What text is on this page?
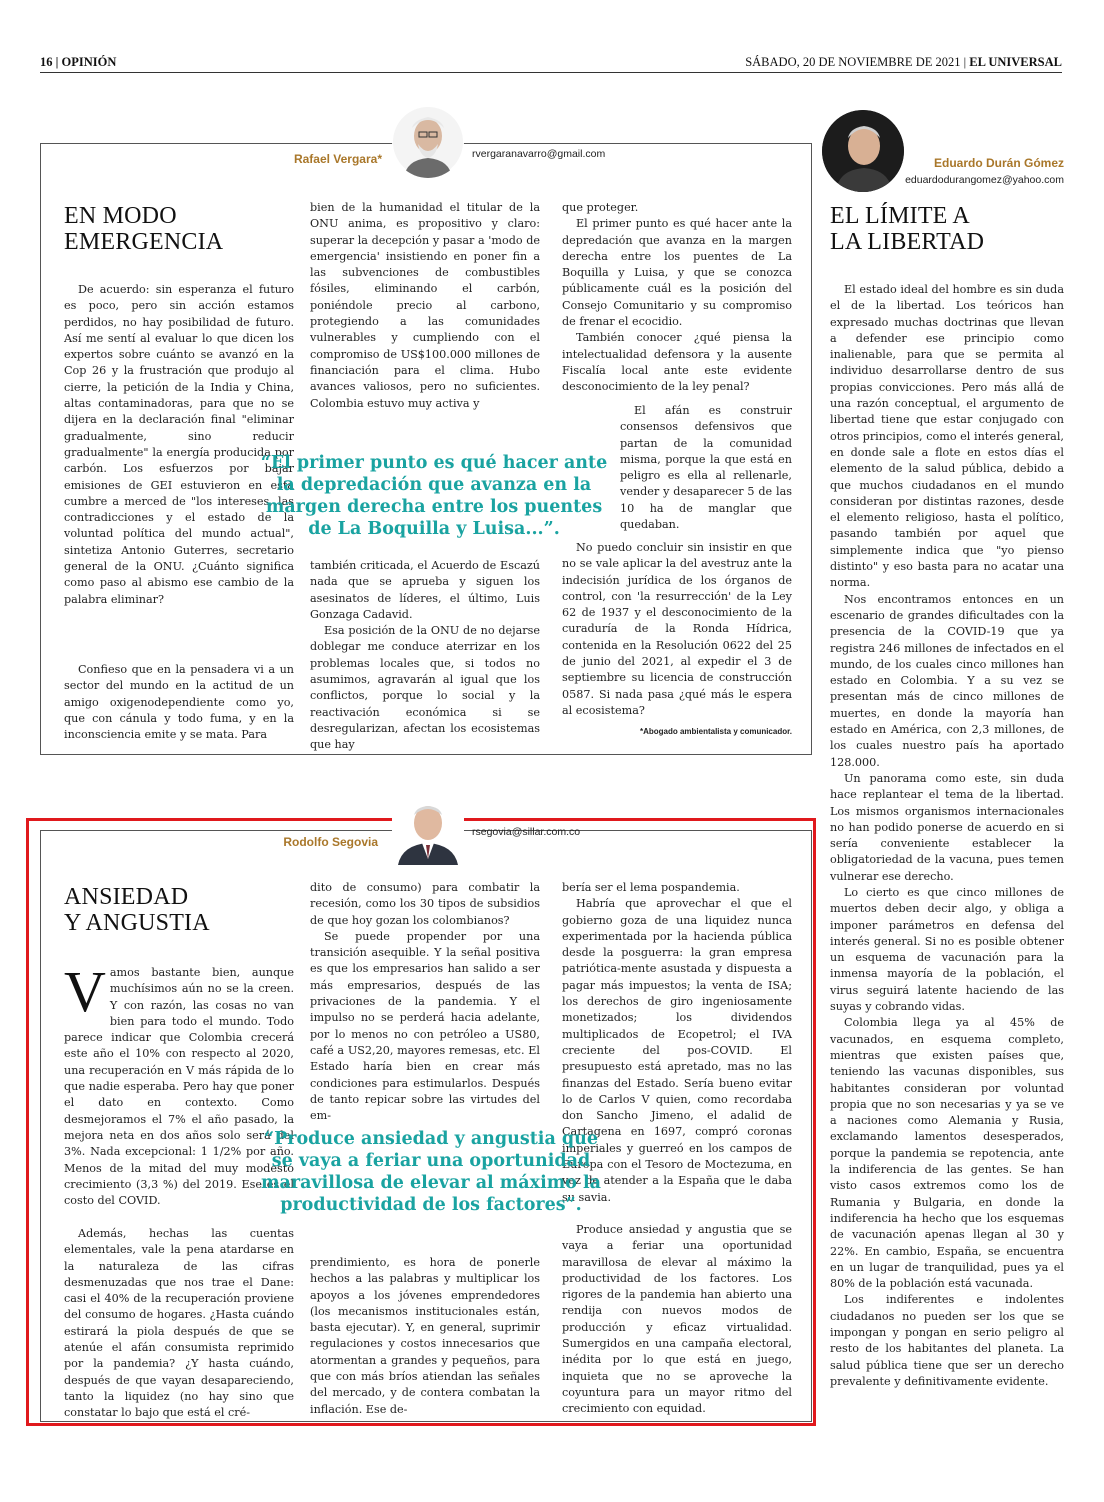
16 | OPINIÓN	SÁBADO, 20 DE NOVIEMBRE DE 2021 | EL UNIVERSAL
Rafael Vergara*	rvergaranavarro@gmail.com
EN MODO
EMERGENCIA

De acuerdo: sin esperanza el futuro es poco, pero sin acción estamos perdidos, no hay posibilidad de futuro. Así me sentí al evaluar lo que dicen los expertos sobre cuánto se avanzó en la Cop 26 y la frustración que produjo al cierre, la petición de la India y China, altas contaminadoras, para que no se dijera en la declaración final "eliminar gradualmente, sino reducir gradualmente" la energía producida por carbón. Los esfuerzos por bajar emisiones de GEI estuvieron en esta cumbre a merced de "los intereses, las contradicciones y el estado de la voluntad política del mundo actual", sintetiza Antonio Guterres, secretario general de la ONU. ¿Cuánto significa como paso al abismo ese cambio de la palabra eliminar?

Confieso que en la pensadera vi a un sector del mundo en la actitud de un amigo oxigenodependiente como yo, que con cánula y todo fuma, y en la inconsciencia emite y se mata. Para

bien de la humanidad el titular de la ONU anima, es propositivo y claro: superar la decepción y pasar a 'modo de emergencia' insistiendo en poner fin a las subvenciones de combustibles fósiles, eliminando el carbón, poniéndole precio al carbono, protegiendo a las comunidades vulnerables y cumpliendo con el compromiso de US$100.000 millones de financiación para el clima. Hubo avances valiosos, pero no suficientes. Colombia estuvo muy activa y

también criticada, el Acuerdo de Escazú nada que se aprueba y siguen los asesinatos de líderes, el último, Luis Gonzaga Cadavid.

Esa posición de la ONU de no dejarse doblegar me conduce aterrizar en los problemas locales que, si todos no asumimos, agravarán al igual que los conflictos, porque lo social y la reactivación económica si se desregularizan, afectan los ecosistemas que hay

que proteger.

El primer punto es qué hacer ante la depredación que avanza en la margen derecha entre los puentes de La Boquilla y Luisa, y que se conozca públicamente cuál es la posición del Consejo Comunitario y su compromiso de frenar el ecocidio.

También conocer ¿qué piensa la intelectualidad defensora y la ausente Fiscalía local ante este evidente desconocimiento de la ley penal?

El afán es construir consensos defensivos que partan de la comunidad misma, porque la que está en peligro es ella al rellenarle, vender y desaparecer 5 de las 10 ha de manglar que quedaban.

No puedo concluir sin insistir en que no se vale aplicar la del avestruz ante la indecisión jurídica de los órganos de control, con 'la resurrección' de la Ley 62 de 1937 y el desconocimiento de la curaduría de la Ronda Hídrica, contenida en la Resolución 0622 del 25 de junio del 2021, al expedir el 3 de septiembre su licencia de construcción 0587. Si nada pasa ¿qué más le espera al ecosistema?

*Abogado ambientalista y comunicador.
“El primer punto es qué hacer ante la depredación que avanza en la margen derecha entre los puentes de La Boquilla y Luisa...”.
Rodolfo Segovia
rsegovia@sillar.com.co
ANSIEDAD
Y ANGUSTIA

Vamos bastante bien, aunque muchísimos aún no se la creen. Y con razón, las cosas no van bien para todo el mundo. Todo parece indicar que Colombia crecerá este año el 10% con respecto al 2020, una recuperación en V más rápida de lo que nadie esperaba. Pero hay que poner el dato en contexto. Como desmejoramos el 7% el año pasado, la mejora neta en dos años solo será del 3%. Nada excepcional: 1 1/2% por año. Menos de la mitad del muy modesto crecimiento (3,3 %) del 2019. Ese es el costo del COVID.

Además, hechas las cuentas elementales, vale la pena atardarse en la naturaleza de las cifras desmenuzadas que nos trae el Dane: casi el 40% de la recuperación proviene del consumo de hogares. ¿Hasta cuándo estirará la piola después de que se atenúe el afán consumista reprimido por la pandemia? ¿Y hasta cuándo, después de que vayan desapareciendo, tanto la liquidez (no hay sino que constatar lo bajo que está el cré-

dito de consumo) para combatir la recesión, como los 30 tipos de subsidios de que hoy gozan los colombianos?

Se puede propender por una transición asequible. Y la señal positiva es que los empresarios han salido a ser más empresarios, después de las privaciones de la pandemia. Y el impulso no se perderá hacia adelante, por lo menos no con petróleo a US80, café a US2,20, mayores remesas, etc. El Estado haría bien en crear más condiciones para estimularlos. Después de tanto repicar sobre las virtudes del em-

prendimiento, es hora de ponerle hechos a las palabras y multiplicar los apoyos a los jóvenes emprendedores (los mecanismos institucionales están, basta ejecutar). Y, en general, suprimir regulaciones y costos innecesarios que atormentan a grandes y pequeños, para que con más bríos atiendan las señales del mercado, y de contera combatan la inflación. Ese de-

bería ser el lema pospandemia.

Habría que aprovechar el que el gobierno goza de una liquidez nunca experimentada por la hacienda pública desde la posguerra: la gran empresa patriótica-mente asustada y dispuesta a pagar más impuestos; la venta de ISA; los derechos de giro ingeniosamente monetizados; los dividendos multiplicados de Ecopetrol; el IVA creciente del pos-COVID. El presupuesto está apretado, mas no las finanzas del Estado. Sería bueno evitar lo de Carlos V quien, como recordaba don Sancho Jimeno, el adalid de Cartagena en 1697, compró coronas imperiales y guerreó en los campos de Europa con el Tesoro de Moctezuma, en vez de atender a la España que le daba su savia.

Produce ansiedad y angustia que se vaya a feriar una oportunidad maravillosa de elevar al máximo la productividad de los factores. Los rigores de la pandemia han abierto una rendija con nuevos modos de producción y eficaz virtualidad. Sumergidos en una campaña electoral, inédita por lo que está en juego, inquieta que no se aproveche la coyuntura para un mayor ritmo del crecimiento con equidad.

“Produce ansiedad y angustia que se vaya a feriar una oportunidad maravillosa de elevar al máximo la productividad de los factores”.
Eduardo Durán Gómez
eduardodurangomez@yahoo.com
EL LÍMITE A
LA LIBERTAD

El estado ideal del hombre es sin duda el de la libertad. Los teóricos han expresado muchas doctrinas que llevan a defender ese principio como inalienable, para que se permita al individuo desarrollarse dentro de sus propias convicciones. Pero más allá de una razón conceptual, el argumento de libertad tiene que estar conjugado con otros principios, como el interés general, en donde sale a flote en estos días el elemento de la salud pública, debido a que muchos ciudadanos en el mundo consideran por distintas razones, desde el elemento religioso, hasta el político, pasando también por aquel que simplemente indica que "yo pienso distinto" y eso basta para no acatar una norma.

Nos encontramos entonces en un escenario de grandes dificultades con la presencia de la COVID-19 que ya registra 246 millones de infectados en el mundo, de los cuales cinco millones han estado en Colombia. Y a su vez se presentan más de cinco millones de muertes, en donde la mayoría han estado en América, con 2,3 millones, de los cuales nuestro país ha aportado 128.000.

Un panorama como este, sin duda hace replantear el tema de la libertad. Los mismos organismos internacionales no han podido ponerse de acuerdo en si sería conveniente establecer la obligatoriedad de la vacuna, pues temen vulnerar ese derecho.

Lo cierto es que cinco millones de muertos deben decir algo, y obliga a imponer parámetros en defensa del interés general. Si no es posible obtener un esquema de vacunación para la inmensa mayoría de la población, el virus seguirá latente haciendo de las suyas y cobrando vidas.

Colombia llega ya al 45% de vacunados, en esquema completo, mientras que existen países que, teniendo las vacunas disponibles, sus habitantes consideran por voluntad propia que no son necesarias y ya se ve a naciones como Alemania y Rusia, exclamando lamentos desesperados, porque la pandemia se repotencia, ante la indiferencia de las gentes. Se han visto casos extremos como los de Rumania y Bulgaria, en donde la indiferencia ha hecho que los esquemas de vacunación apenas llegan al 30 y 22%. En cambio, España, se encuentra en un lugar de tranquilidad, pues ya el 80% de la población está vacunada.

Los indiferentes e indolentes ciudadanos no pueden ser los que se impongan y pongan en serio peligro al resto de los habitantes del planeta. La salud pública tiene que ser un derecho prevalente y definitivamente evidente.
